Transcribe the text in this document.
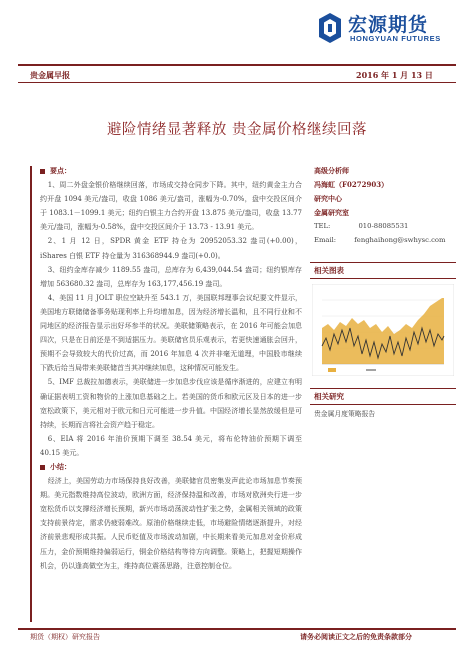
宏源期货
HONGYUAN FUTURES
贵金属早报	2016 年 1 月 13 日
避险情绪显著释放 贵金属价格继续回落
要点：

1、周二外盘金银价格继续回落，市场成交持仓同步下降。其中，纽约黄金主力合约开盘 1094 美元/盎司，收盘 1086 美元/盎司，涨幅为-0.70%，盘中交投区间介于 1083.1－1099.1 美元；纽约白银主力合约开盘 13.875 美元/盎司，收盘 13.77 美元/盎司，涨幅为-0.58%，盘中交投区间介于 13.73 - 13.91 美元。

2、1 月 12 日，SPDR 黄金 ETF 持仓为 20952053.32 盎司(+0.00)，iShares 白银 ETF 持仓量为 316368944.9 盎司(+0.0)。

3、纽约金库存减少 1189.55 盎司，总库存为 6,439,044.54 盎司；纽约银库存增加 563680.32 盎司，总库存为 163,177,456.19 盎司。

4、美国 11 月 JOLT 职位空缺升至 543.1 万，美国联邦理事会议纪要文件显示，美国地方联储储备事务贴现利率上升均增加息，因为经济增长温和，且不同行业和不同地区的经济报告显示出好坏参半的状况。美联储策略表示，在 2016 年可能会加息四次，只是在日前还是不到适据压力。美联储官员乐观表示，若更快速通胀会回升，预期不会导致较大的代价过高，而 2016 年加息 4 次并非毫无道理，中国股市继续下跌后给当局带来美联储首当其冲继续加息，这种情况可能发生。

5、IMF 总裁拉加德表示，美联储进一步加息步伐应该是循序渐进的，应建立有明确证据表明工资和物价的上涨加息基础之上。若美国的货币和欧元区及日本的进一步宽松政策下，美元相对于欧元和日元可能进一步升值。中国经济增长显然放缓但是可持续，长期而言将社会资产趋于稳定。

6、EIA 将 2016 年油价预期下调至 38.54 美元，将布伦特油价预期下调至 40.15 美元。

小结：

经济上，美国劳动力市场保持良好改善，美联储官员密集发声此论市场加息节奏预期。美元指数维持高位波动，欧洲方面，经济保持温和改善，市场对欧洲央行进一步宽松货币以支撑经济增长预期，新兴市场动荡波动性扩张之势，金属相关领域的政策支持前景待定，需求仍疲弱难改。原油价格继续走低，市场避险情绪逐渐提升，对经济前景悲观形成共振。人民币贬值及市场波动加剧，中长期来看美元加息对金价形成压力，金价预期维持偏弱运行，铜金价格结构等待方向调整。策略上，把握短期操作机会，仍以逢高做空为主，维持高位震荡思路，注意控制仓位。

高级分析师
冯海虹（F0272903）
研究中心
金属研究室
TEL:	010-88085531
Email:	fenghaihong@swhysc.com
相关图表
相关研究
贵金属月度策略报告
期货（期权）研究报告	请务必阅读正文之后的免责条款部分
